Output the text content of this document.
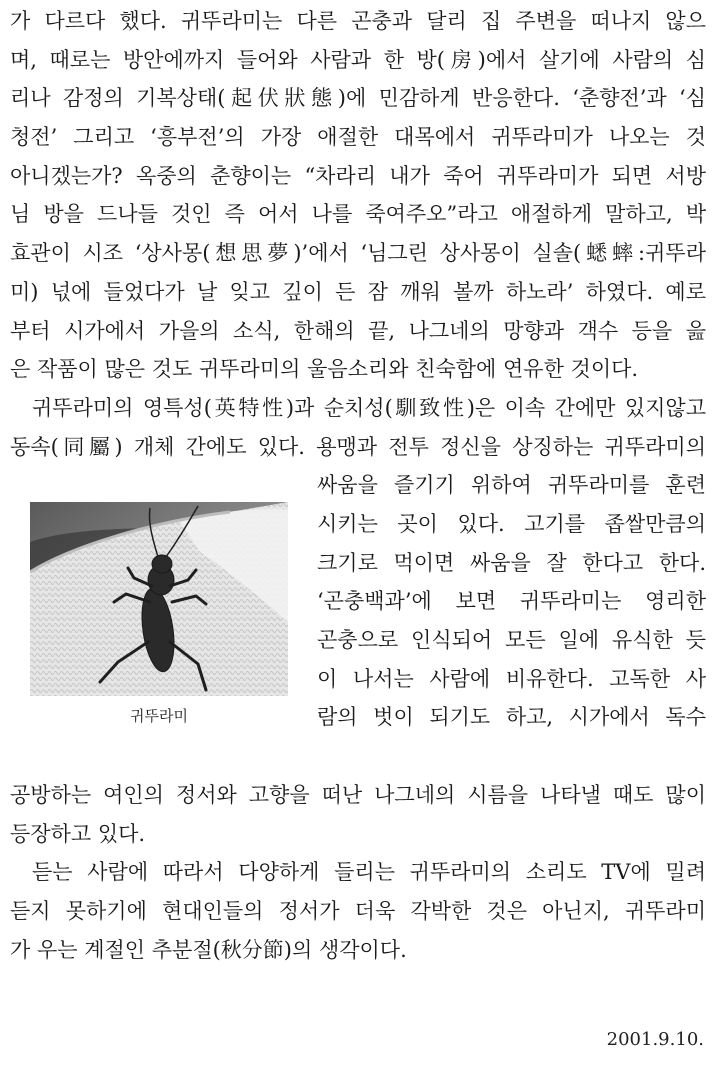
가 다르다 했다. 귀뚜라미는 다른 곤충과 달리 집 주변을 떠나지 않으
며, 때로는 방안에까지 들어와 사람과 한 방(房)에서 살기에 사람의 심
리나 감정의 기복상태(起伏狀態)에 민감하게 반응한다. ‘춘향전’과 ‘심
청전’ 그리고 ‘흥부전’의 가장 애절한 대목에서 귀뚜라미가 나오는 것
아니겠는가? 옥중의 춘향이는 “차라리 내가 죽어 귀뚜라미가 되면 서방
님 방을 드나들 것인 즉 어서 나를 죽여주오”라고 애절하게 말하고, 박
효관이 시조 ‘상사몽(想思夢)’에서 ‘님그린 상사몽이 실솔(蟋蟀:귀뚜라
미) 넋에 들었다가 날 잊고 깊이 든 잠 깨워 볼까 하노라’ 하였다. 예로
부터 시가에서 가을의 소식, 한해의 끝, 나그네의 망향과 객수 등을 읊
은 작품이 많은 것도 귀뚜라미의 울음소리와 친숙함에 연유한 것이다.
귀뚜라미의 영특성(英特性)과 순치성(馴致性)은 이속 간에만 있지않고
동속(同屬) 개체 간에도 있다. 용맹과 전투 정신을 상징하는 귀뚜라미의
귀뚜라미
싸움을 즐기기 위하여 귀뚜라미를 훈련
시키는 곳이 있다. 고기를 좁쌀만큼의
크기로 먹이면 싸움을 잘 한다고 한다.
‘곤충백과’에 보면 귀뚜라미는 영리한
곤충으로 인식되어 모든 일에 유식한 듯
이 나서는 사람에 비유한다. 고독한 사
람의 벗이 되기도 하고, 시가에서 독수
공방하는 여인의 정서와 고향을 떠난 나그네의 시름을 나타낼 때도 많이
등장하고 있다.
듣는 사람에 따라서 다양하게 들리는 귀뚜라미의 소리도 TV에 밀려
듣지 못하기에 현대인들의 정서가 더욱 각박한 것은 아닌지, 귀뚜라미
가 우는 계절인 추분절(秋分節)의 생각이다.
2001.9.10.
